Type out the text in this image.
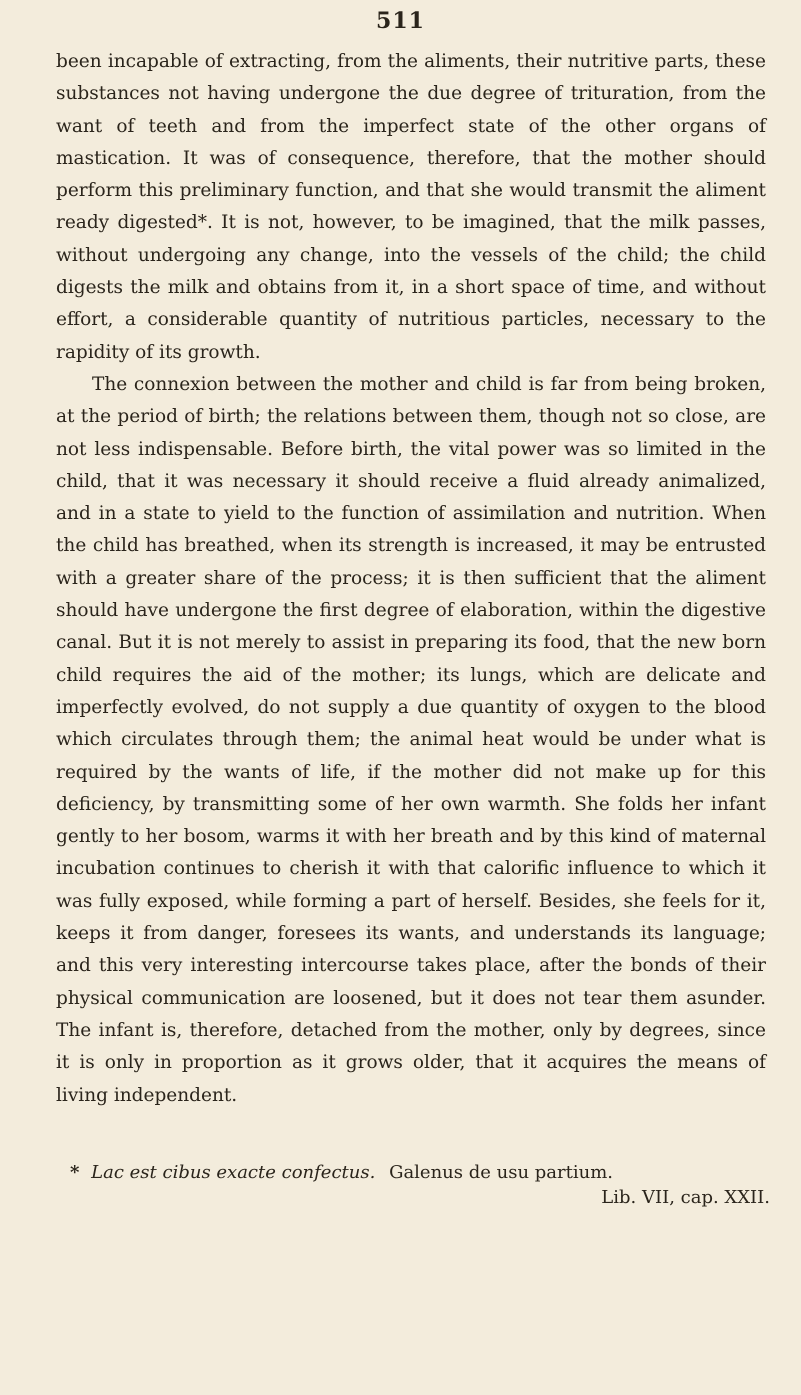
511

been incapable of extracting, from the aliments, their nutritive parts, these substances not having undergone the due degree of trituration, from the want of teeth and from the imperfect state of the other organs of mastication. It was of consequence, therefore, that the mother should perform this preliminary function, and that she would transmit the aliment ready digested*. It is not, however, to be imagined, that the milk passes, without undergoing any change, into the vessels of the child; the child digests the milk and obtains from it, in a short space of time, and without effort, a considerable quantity of nutritious particles, necessary to the rapidity of its growth.

The connexion between the mother and child is far from being broken, at the period of birth; the relations between them, though not so close, are not less indispensable. Before birth, the vital power was so limited in the child, that it was necessary it should receive a fluid already animalized, and in a state to yield to the function of assimilation and nutrition. When the child has breathed, when its strength is increased, it may be entrusted with a greater share of the process; it is then sufficient that the aliment should have undergone the first degree of elaboration, within the digestive canal. But it is not merely to assist in preparing its food, that the new born child requires the aid of the mother; its lungs, which are delicate and imperfectly evolved, do not supply a due quantity of oxygen to the blood which circulates through them; the animal heat would be under what is required by the wants of life, if the mother did not make up for this deficiency, by transmitting some of her own warmth. She folds her infant gently to her bosom, warms it with her breath and by this kind of maternal incubation continues to cherish it with that calorific influence to which it was fully exposed, while forming a part of herself. Besides, she feels for it, keeps it from danger, foresees its wants, and understands its language; and this very interesting intercourse takes place, after the bonds of their physical communication are loosened, but it does not tear them asunder. The infant is, therefore, detached from the mother, only by degrees, since it is only in proportion as it grows older, that it acquires the means of living independent.

* Lac est cibus exacte confectus. Galenus de usu partium.
Lib. VII, cap. XXII.
